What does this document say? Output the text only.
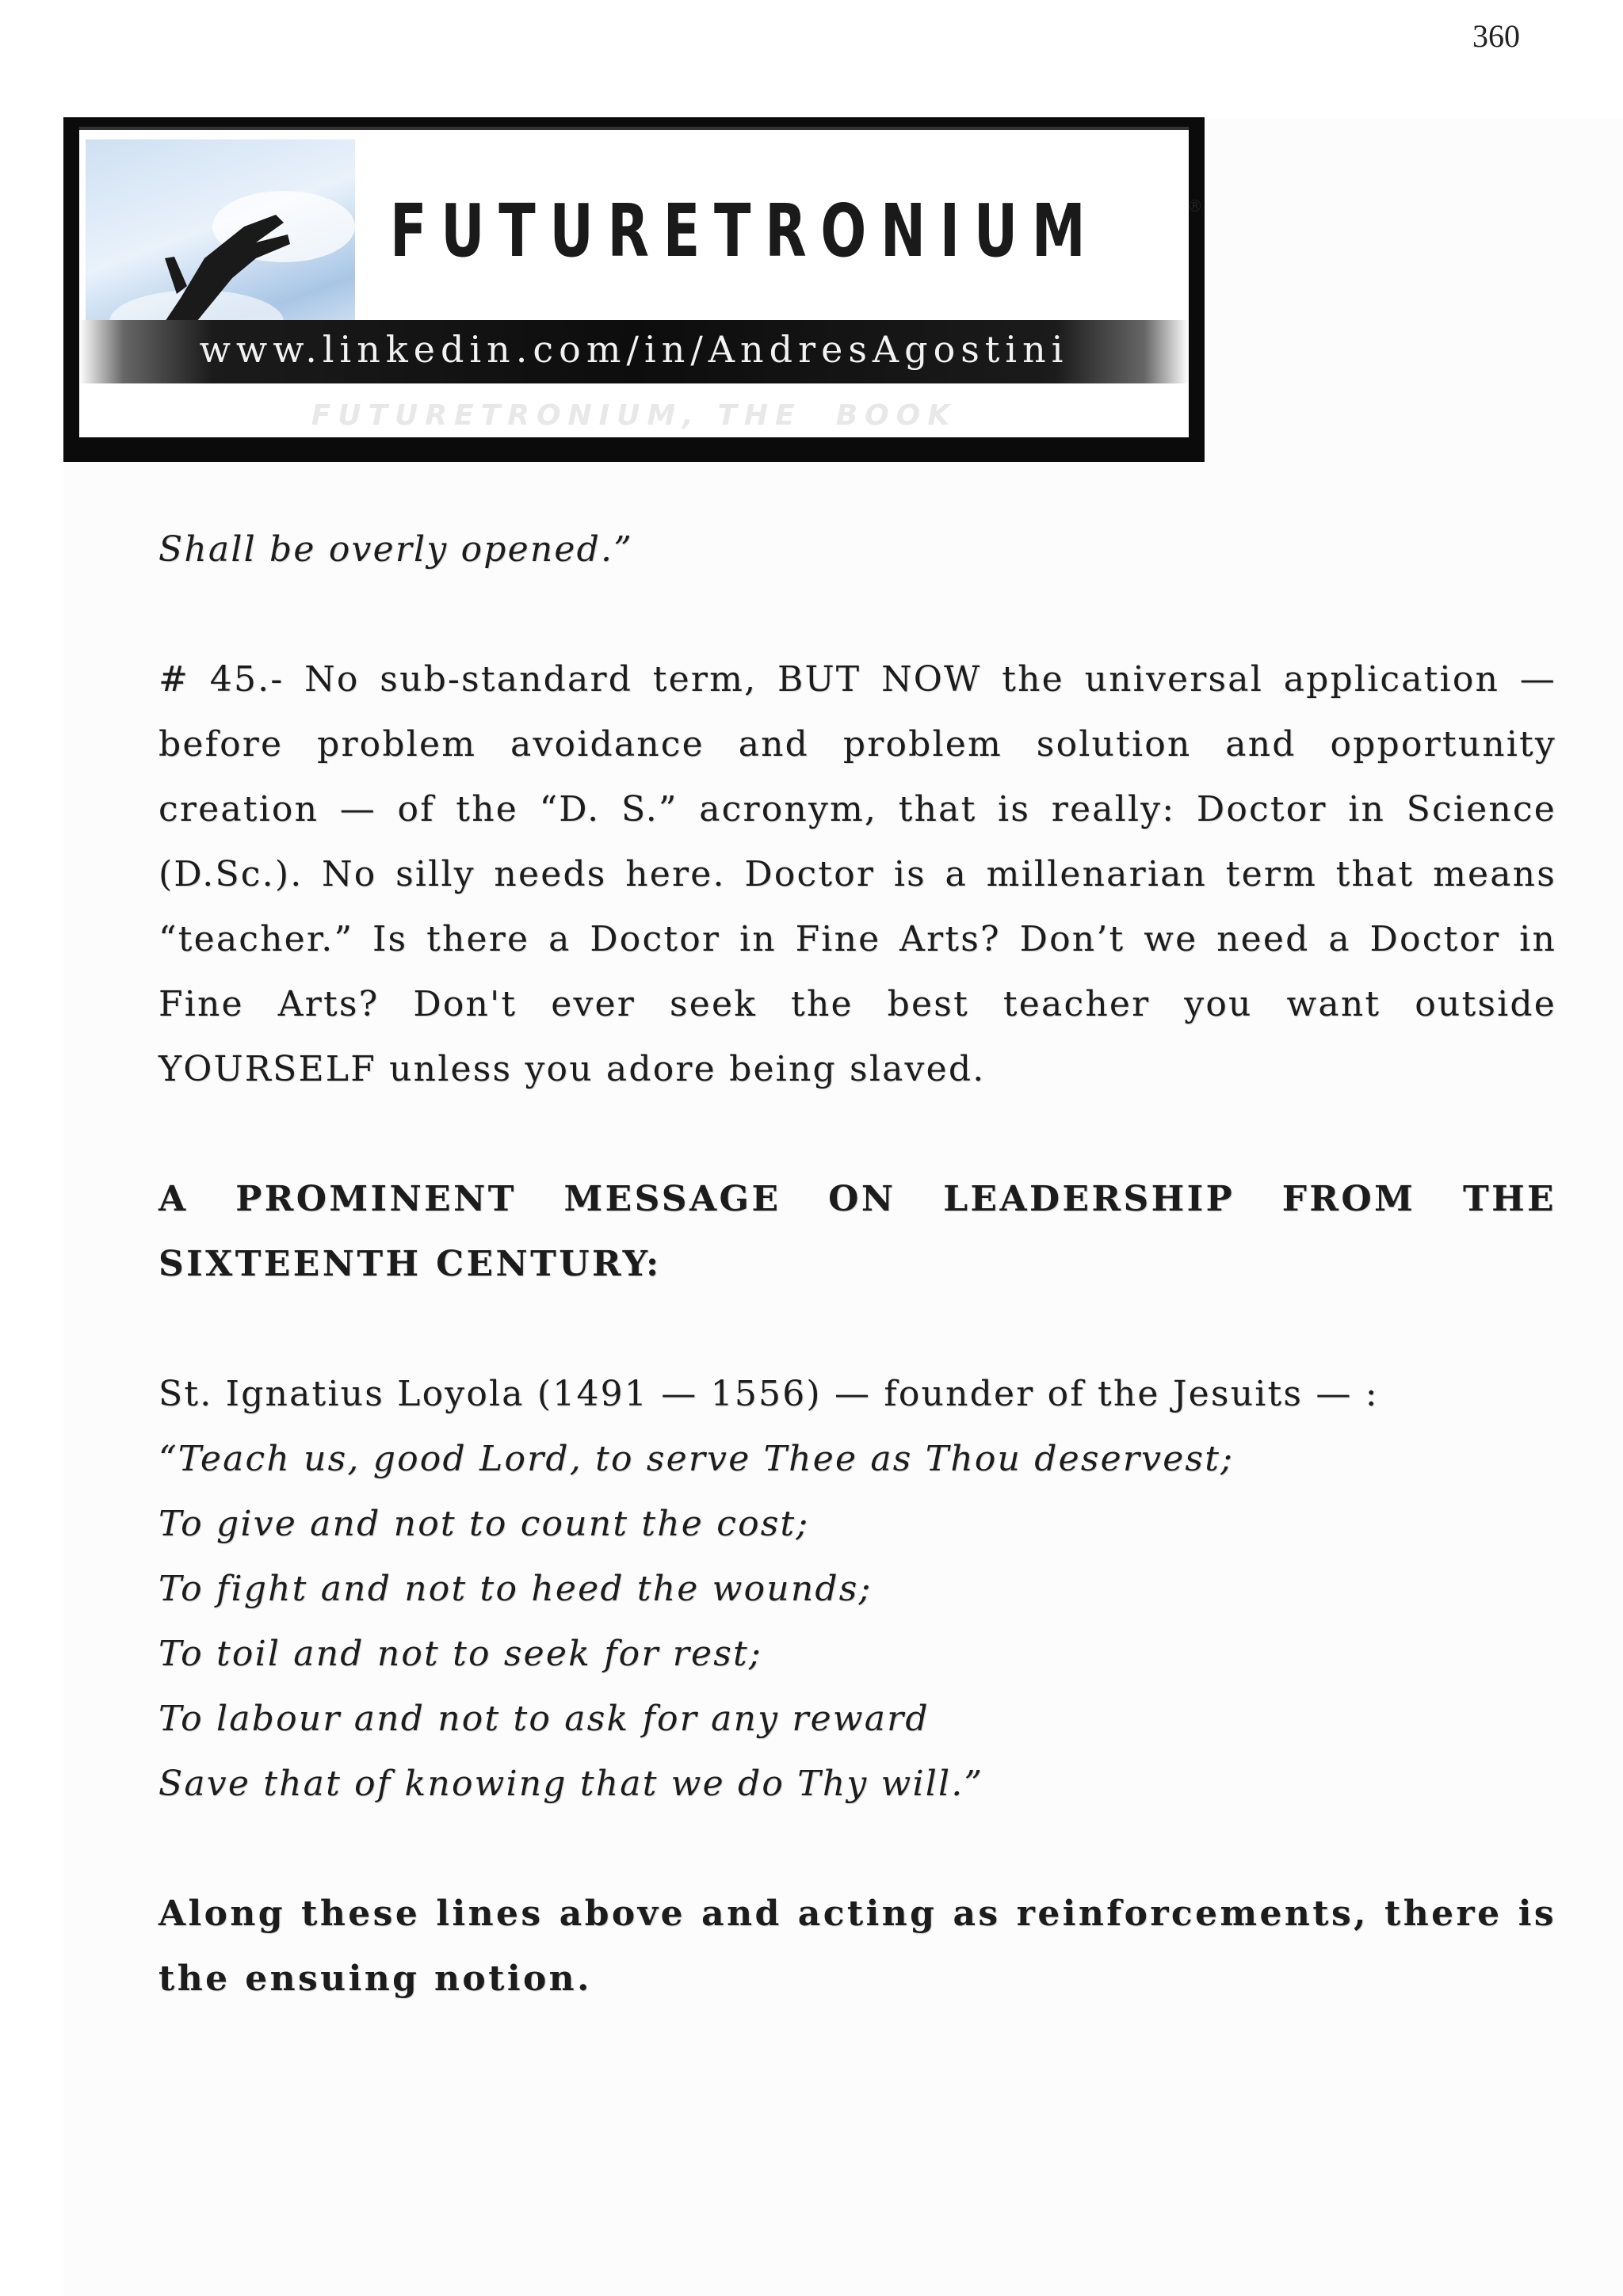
360
FUTURETRONIUM	®
www.linkedin.com/in/AndresAgostini
FUTURETRONIUM, THE  BOOK
Shall be overly opened.”
# 45.- No sub-standard term, BUT NOW the universal application — before problem avoidance and problem solution and opportunity creation — of the “D. S.” acronym, that is really: Doctor in Science (D.Sc.). No silly needs here. Doctor is a millenarian term that means “teacher.” Is there a Doctor in Fine Arts? Don’t we need a Doctor in Fine Arts? Don't ever seek the best teacher you want outside YOURSELF unless you adore being slaved.
A PROMINENT MESSAGE ON LEADERSHIP FROM THE SIXTEENTH CENTURY:
St. Ignatius Loyola (1491 — 1556) — founder of the Jesuits — :
“Teach us, good Lord, to serve Thee as Thou deservest;
To give and not to count the cost;
To fight and not to heed the wounds;
To toil and not to seek for rest;
To labour and not to ask for any reward
Save that of knowing that we do Thy will.”
Along these lines above and acting as reinforcements, there is the ensuing notion.
